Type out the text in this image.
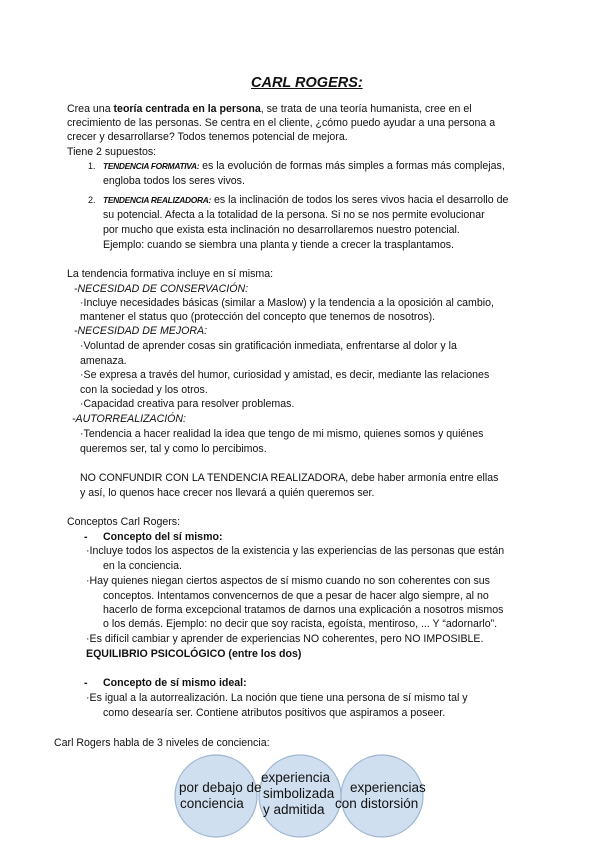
CARL ROGERS:
Crea una teoría centrada en la persona, se trata de una teoría humanista, cree en el
crecimiento de las personas. Se centra en el cliente, ¿cómo puedo ayudar a una persona a
crecer y desarrollarse? Todos tenemos potencial de mejora.
Tiene 2 supuestos:
1. TENDENCIA FORMATIVA: es la evolución de formas más simples a formas más complejas,
engloba todos los seres vivos.
2. TENDENCIA REALIZADORA: es la inclinación de todos los seres vivos hacia el desarrollo de
su potencial. Afecta a la totalidad de la persona. Si no se nos permite evolucionar
por mucho que exista esta inclinación no desarrollaremos nuestro potencial.
Ejemplo: cuando se siembra una planta y tiende a crecer la trasplantamos.
La tendencia formativa incluye en sí misma:
-NECESIDAD DE CONSERVACIÓN:
·Incluye necesidades básicas (similar a Maslow) y la tendencia a la oposición al cambio,
mantener el status quo (protección del concepto que tenemos de nosotros).
-NECESIDAD DE MEJORA:
·Voluntad de aprender cosas sin gratificación inmediata, enfrentarse al dolor y la
amenaza.
·Se expresa a través del humor, curiosidad y amistad, es decir, mediante las relaciones
con la sociedad y los otros.
·Capacidad creativa para resolver problemas.
-AUTORREALIZACIÓN:
·Tendencia a hacer realidad la idea que tengo de mi mismo, quienes somos y quiénes
queremos ser, tal y como lo percibimos.
NO CONFUNDIR CON LA TENDENCIA REALIZADORA, debe haber armonía entre ellas
y así, lo quenos hace crecer nos llevará a quién queremos ser.
Conceptos Carl Rogers:
- Concepto del sí mismo:
·Incluye todos los aspectos de la existencia y las experiencias de las personas que están
en la conciencia.
·Hay quienes niegan ciertos aspectos de sí mismo cuando no son coherentes con sus
conceptos. Intentamos convencernos de que a pesar de hacer algo siempre, al no
hacerlo de forma excepcional tratamos de darnos una explicación a nosotros mismos
o los demás. Ejemplo: no decir que soy racista, egoísta, mentiroso, ... Y “adornarlo”.
·Es difícil cambiar y aprender de experiencias NO coherentes, pero NO IMPOSIBLE.
EQUILIBRIO PSICOLÓGICO (entre los dos)
- Concepto de sí mismo ideal:
·Es igual a la autorrealización. La noción que tiene una persona de sí mismo tal y
como desearía ser. Contiene atributos positivos que aspiramos a poseer.
Carl Rogers habla de 3 niveles de conciencia:
por debajo de
conciencia
experiencia
simbolizada
y admitida
experiencias
con distorsión
